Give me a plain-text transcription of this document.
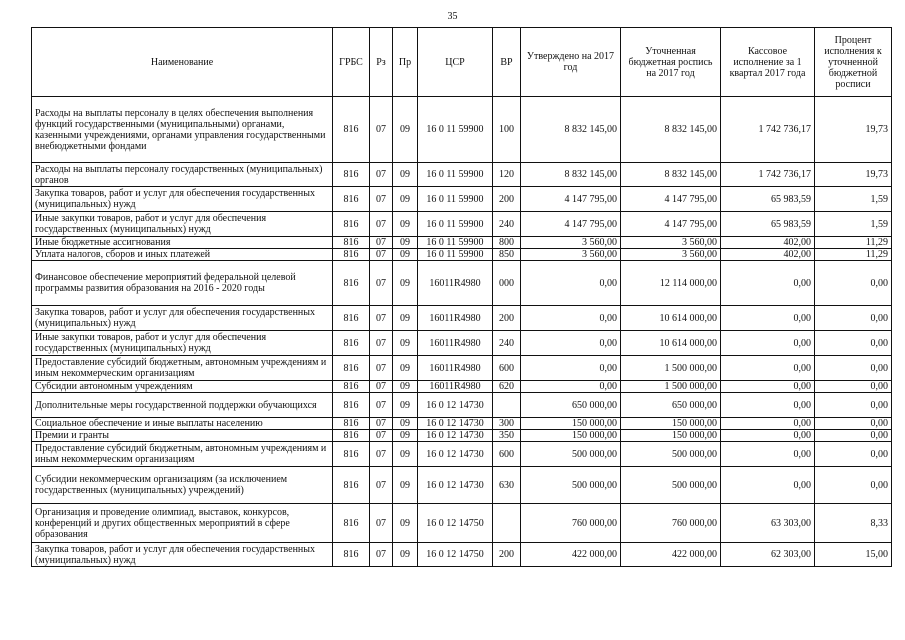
35
Наименование	ГРБС	Рз	Пр	ЦСР	ВР	Утверждено на 2017 год	Уточненная бюджетная роспись на 2017 год	Кассовое исполнение за 1 квартал 2017 года	Процент исполнения к уточненной бюджетной росписи
Расходы на выплаты персоналу в целях обеспечения выполнения функций государственными (муниципальными) органами, казенными учреждениями, органами управления государственными внебюджетными фондами	816	07	09	16 0 11 59900	100	8 832 145,00	8 832 145,00	1 742 736,17	19,73
Расходы на выплаты персоналу государственных (муниципальных) органов	816	07	09	16 0 11 59900	120	8 832 145,00	8 832 145,00	1 742 736,17	19,73
Закупка товаров, работ и услуг для обеспечения государственных (муниципальных) нужд	816	07	09	16 0 11 59900	200	4 147 795,00	4 147 795,00	65 983,59	1,59
Иные закупки товаров, работ и услуг для обеспечения государственных (муниципальных) нужд	816	07	09	16 0 11 59900	240	4 147 795,00	4 147 795,00	65 983,59	1,59
Иные бюджетные ассигнования	816	07	09	16 0 11 59900	800	3 560,00	3 560,00	402,00	11,29
Уплата налогов, сборов и иных платежей	816	07	09	16 0 11 59900	850	3 560,00	3 560,00	402,00	11,29
Финансовое обеспечение мероприятий федеральной целевой программы развития образования на 2016 - 2020 годы	816	07	09	16011R4980	000	0,00	12 114 000,00	0,00	0,00
Закупка товаров, работ и услуг для обеспечения государственных (муниципальных) нужд	816	07	09	16011R4980	200	0,00	10 614 000,00	0,00	0,00
Иные закупки товаров, работ и услуг для обеспечения государственных (муниципальных) нужд	816	07	09	16011R4980	240	0,00	10 614 000,00	0,00	0,00
Предоставление субсидий бюджетным, автономным учреждениям и иным некоммерческим организациям	816	07	09	16011R4980	600	0,00	1 500 000,00	0,00	0,00
Субсидии автономным учреждениям	816	07	09	16011R4980	620	0,00	1 500 000,00	0,00	0,00
Дополнительные меры государственной поддержки обучающихся	816	07	09	16 0 12 14730		650 000,00	650 000,00	0,00	0,00
Социальное обеспечение и иные выплаты населению	816	07	09	16 0 12 14730	300	150 000,00	150 000,00	0,00	0,00
Премии и гранты	816	07	09	16 0 12 14730	350	150 000,00	150 000,00	0,00	0,00
Предоставление субсидий бюджетным, автономным учреждениям и иным некоммерческим организациям	816	07	09	16 0 12 14730	600	500 000,00	500 000,00	0,00	0,00
Субсидии некоммерческим организациям (за исключением государственных (муниципальных) учреждений)	816	07	09	16 0 12 14730	630	500 000,00	500 000,00	0,00	0,00
Организация и проведение олимпиад, выставок, конкурсов, конференций и других общественных мероприятий в сфере образования	816	07	09	16 0 12 14750		760 000,00	760 000,00	63 303,00	8,33
Закупка товаров, работ и услуг для обеспечения государственных (муниципальных) нужд	816	07	09	16 0 12 14750	200	422 000,00	422 000,00	62 303,00	15,00
